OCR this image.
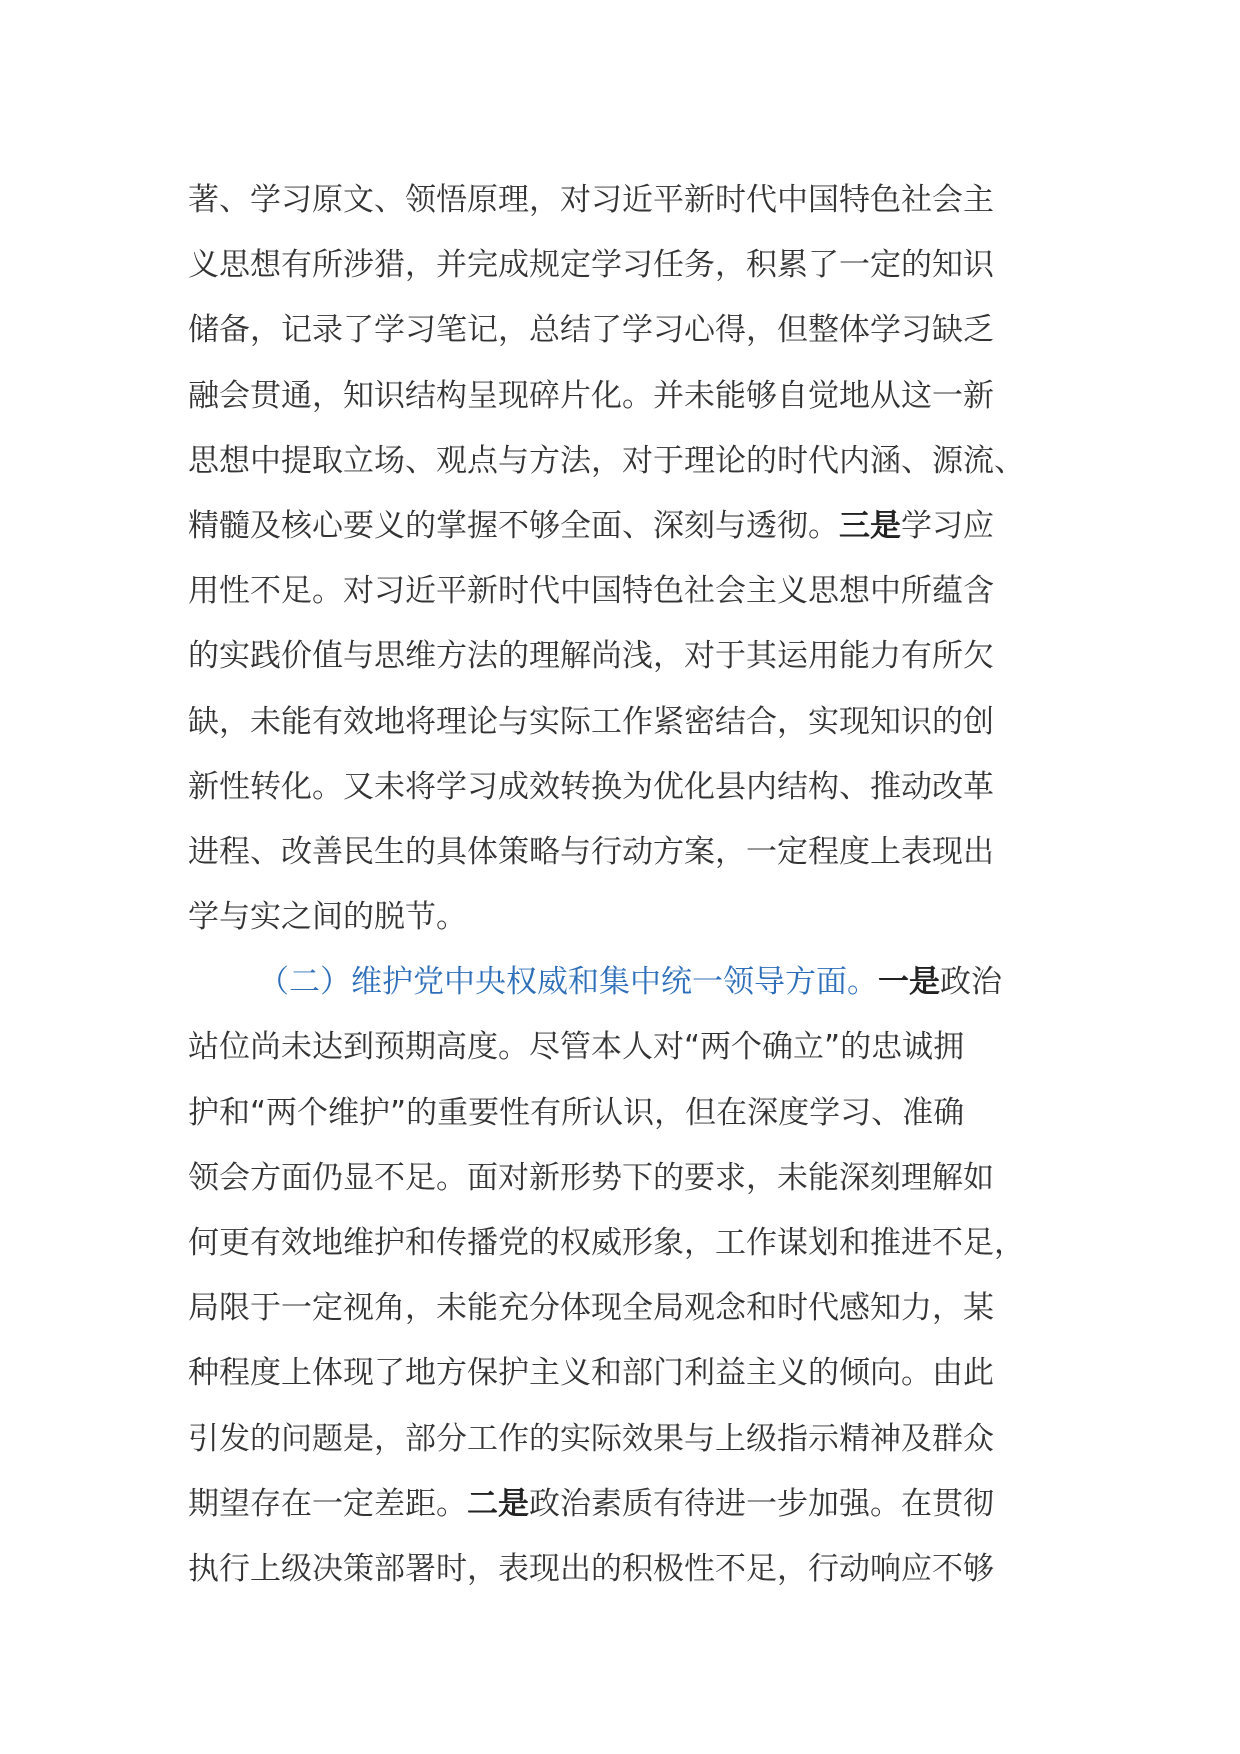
著、学习原文、领悟原理，对习近平新时代中国特色社会主
义思想有所涉猎，并完成规定学习任务，积累了一定的知识
储备，记录了学习笔记，总结了学习心得，但整体学习缺乏
融会贯通，知识结构呈现碎片化。并未能够自觉地从这一新
思想中提取立场、观点与方法，对于理论的时代内涵、源流、
精髓及核心要义的掌握不够全面、深刻与透彻。三是学习应
用性不足。对习近平新时代中国特色社会主义思想中所蕴含
的实践价值与思维方法的理解尚浅，对于其运用能力有所欠
缺，未能有效地将理论与实际工作紧密结合，实现知识的创
新性转化。又未将学习成效转换为优化县内结构、推动改革
进程、改善民生的具体策略与行动方案，一定程度上表现出
学与实之间的脱节。
（二）维护党中央权威和集中统一领导方面。一是政治
站位尚未达到预期高度。尽管本人对“两个确立”的忠诚拥
护和“两个维护”的重要性有所认识，但在深度学习、准确
领会方面仍显不足。面对新形势下的要求，未能深刻理解如
何更有效地维护和传播党的权威形象，工作谋划和推进不足，
局限于一定视角，未能充分体现全局观念和时代感知力，某
种程度上体现了地方保护主义和部门利益主义的倾向。由此
引发的问题是，部分工作的实际效果与上级指示精神及群众
期望存在一定差距。二是政治素质有待进一步加强。在贯彻
执行上级决策部署时，表现出的积极性不足，行动响应不够
